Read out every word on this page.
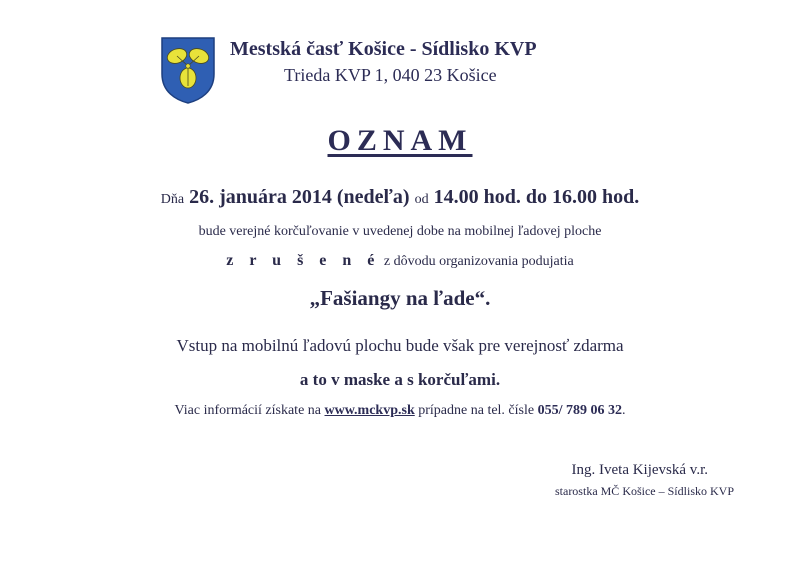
Mestská časť Košice - Sídlisko KVP
Trieda KVP 1, 040 23 Košice
OZNAM
Dňa 26. januára 2014 (nedeľa) od 14.00 hod. do 16.00 hod.
bude verejné korčuľovanie v uvedenej dobe na mobilnej ľadovej ploche
z r u š e n é z dôvodu organizovania podujatia
„Fašiangy na ľade“.
Vstup na mobilnú ľadovú plochu bude však pre verejnosť zdarma
a to v maske a s korčuľami.
Viac informácií získate na www.mckvp.sk prípadne na tel. čísle 055/ 789 06 32.
Ing. Iveta Kijevská v.r.
starostka MČ Košice – Sídlisko KVP
